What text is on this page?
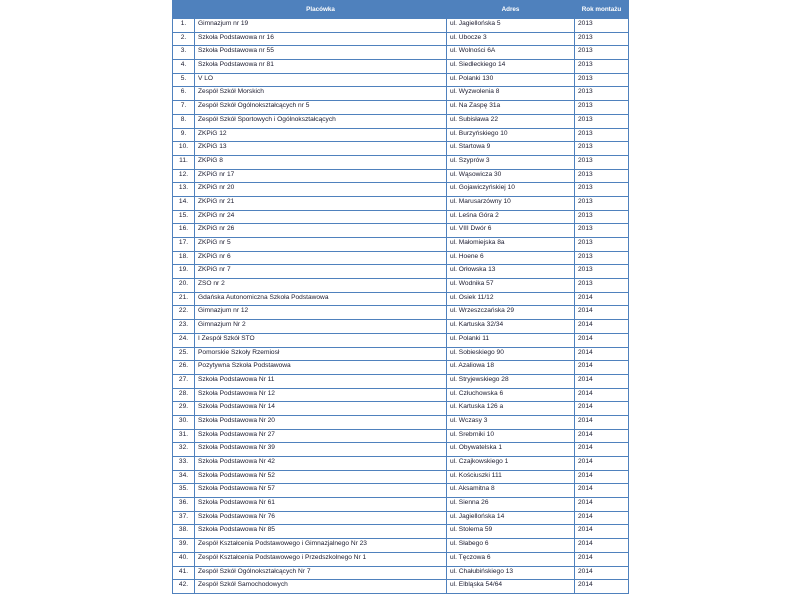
	Placówka	Adres	Rok montażu
1.	Gimnazjum nr 19	ul. Jagiellońska 5	2013
2.	Szkoła Podstawowa nr 16	ul. Ubocze 3	2013
3.	Szkoła Podstawowa nr 55	ul. Wolności 6A	2013
4.	Szkoła Podstawowa nr 81	ul. Siedleckiego 14	2013
5.	V LO	ul. Polanki 130	2013
6.	Zespół Szkół Morskich	ul. Wyzwolenia 8	2013
7.	Zespół Szkół Ogólnokształcących nr 5	ul. Na Zaspę 31a	2013
8.	Zespół Szkół Sportowych i Ogólnokształcących	ul. Subisława 22	2013
9.	ZKPiG 12	ul. Burzyńskiego 10	2013
10.	ZKPiG 13	ul. Startowa 9	2013
11.	ZKPiG 8	ul. Szyprów 3	2013
12.	ZKPiG nr 17	ul. Wąsowicza 30	2013
13.	ZKPiG nr 20	ul. Gojawiczyńskiej 10	2013
14.	ZKPiG nr 21	ul. Marusarzówny 10	2013
15.	ZKPiG nr 24	ul. Leśna Góra 2	2013
16.	ZKPiG nr 26	ul. VIII Dwór 6	2013
17.	ZKPiG nr 5	ul. Małomiejska 8a	2013
18.	ZKPiG nr 6	ul. Hoene 6	2013
19.	ZKPiG nr 7	ul. Orłowska 13	2013
20.	ZSO nr 2	ul. Wodnika 57	2013
21.	Gdańska Autonomiczna Szkoła Podstawowa	ul. Osiek 11/12	2014
22.	Gimnazjum nr 12	ul. Wrzeszczańska 29	2014
23.	Gimnazjum Nr 2	ul. Kartuska 32/34	2014
24.	I Zespół Szkół STO	ul. Polanki 11	2014
25.	Pomorskie Szkoły Rzemiosł	ul. Sobieskiego 90	2014
26.	Pozytywna Szkoła Podstawowa	ul. Azaliowa 18	2014
27.	Szkoła Podstawowa Nr 11	ul. Stryjewskiego 28	2014
28.	Szkoła Podstawowa Nr 12	ul. Człuchowska 6	2014
29.	Szkoła Podstawowa Nr 14	ul. Kartuska 126 a	2014
30.	Szkoła Podstawowa Nr 20	ul. Wczasy 3	2014
31.	Szkoła Podstawowa Nr 27	ul. Srebrniki 10	2014
32.	Szkoła Podstawowa Nr 39	ul. Obywatelska 1	2014
33.	Szkoła Podstawowa Nr 42	ul. Czajkowskiego 1	2014
34.	Szkoła Podstawowa Nr 52	ul. Kościuszki 111	2014
35.	Szkoła Podstawowa Nr 57	ul. Aksamitna 8	2014
36.	Szkoła Podstawowa Nr 61	ul. Sienna 26	2014
37.	Szkoła Podstawowa Nr 76	ul. Jagiellońska 14	2014
38.	Szkoła Podstawowa Nr 85	ul. Stolema 59	2014
39.	Zespół Kształcenia Podstawowego i Gimnazjalnego Nr 23	ul. Słabego 6	2014
40.	Zespół Kształcenia Podstawowego i Przedszkolnego Nr 1	ul. Tęczowa 6	2014
41.	Zespół Szkół Ogólnokształcących Nr 7	ul. Chałubińskiego 13	2014
42.	Zespół Szkół Samochodowych	ul. Elbląska 54/64	2014
